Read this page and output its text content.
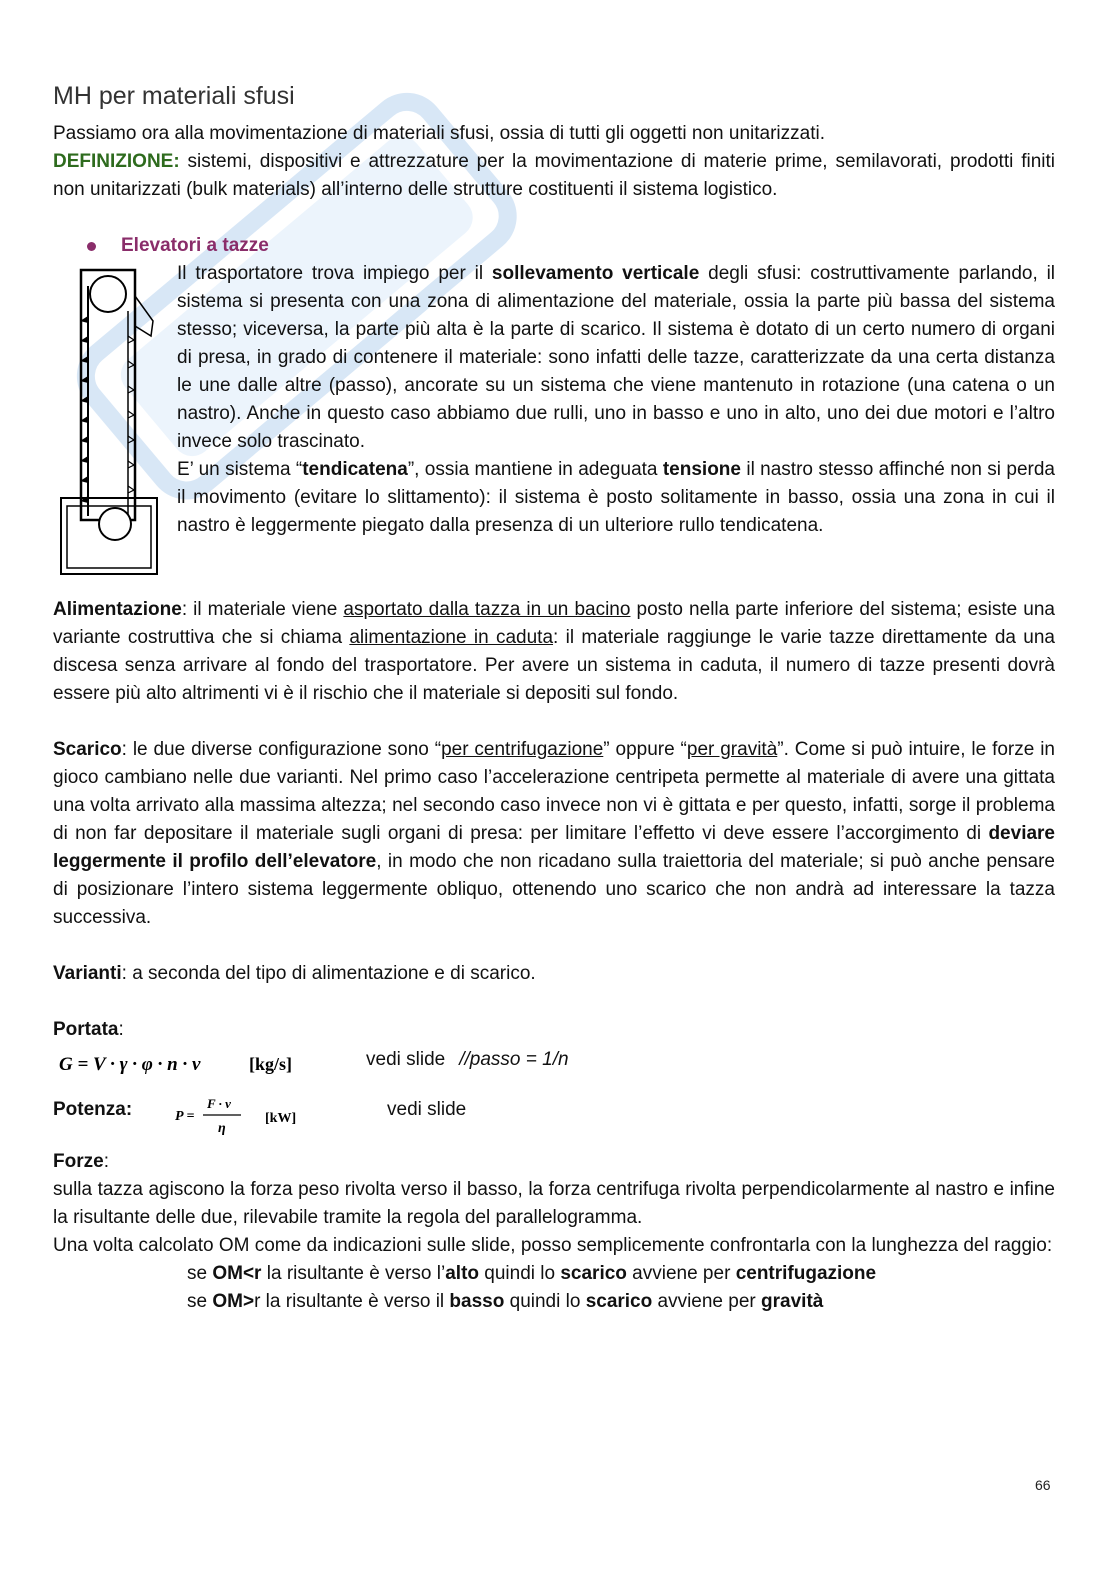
MH per materiali sfusi

Passiamo ora alla movimentazione di materiali sfusi, ossia di tutti gli oggetti non unitarizzati.

DEFINIZIONE: sistemi, dispositivi e attrezzature per la movimentazione di materie prime, semilavorati, prodotti finiti non unitarizzati (bulk materials) all’interno delle strutture costituenti il sistema logistico.

Elevatori a tazze

Il trasportatore trova impiego per il sollevamento verticale degli sfusi: costruttivamente parlando, il sistema si presenta con una zona di alimentazione del materiale, ossia la parte più bassa del sistema stesso; viceversa, la parte più alta è la parte di scarico. Il sistema è dotato di un certo numero di organi di presa, in grado di contenere il materiale: sono infatti delle tazze, caratterizzate da una certa distanza le une dalle altre (passo), ancorate su un sistema che viene mantenuto in rotazione (una catena o un nastro). Anche in questo caso abbiamo due rulli, uno in basso e uno in alto, uno dei due motori e l’altro invece solo trascinato.

E’ un sistema “tendicatena”, ossia mantiene in adeguata tensione il nastro stesso affinché non si perda il movimento (evitare lo slittamento): il sistema è posto solitamente in basso, ossia una zona in cui il nastro è leggermente piegato dalla presenza di un ulteriore rullo tendicatena.

Alimentazione: il materiale viene asportato dalla tazza in un bacino posto nella parte inferiore del sistema; esiste una variante costruttiva che si chiama alimentazione in caduta: il materiale raggiunge le varie tazze direttamente da una discesa senza arrivare al fondo del trasportatore. Per avere un sistema in caduta, il numero di tazze presenti dovrà essere più alto altrimenti vi è il rischio che il materiale si depositi sul fondo.

Scarico: le due diverse configurazione sono “per centrifugazione” oppure “per gravità”. Come si può intuire, le forze in gioco cambiano nelle due varianti. Nel primo caso l’accelerazione centripeta permette al materiale di avere una gittata una volta arrivato alla massima altezza; nel secondo caso invece non vi è gittata e per questo, infatti, sorge il problema di non far depositare il materiale sugli organi di presa: per limitare l’effetto vi deve essere l’accorgimento di deviare leggermente il profilo dell’elevatore, in modo che non ricadano sulla traiettoria del materiale; si può anche pensare di posizionare l’intero sistema leggermente obliquo, ottenendo uno scarico che non andrà ad interessare la tazza successiva.

Varianti: a seconda del tipo di alimentazione e di scarico.

Portata:

G = V · γ · φ · n · v	[kg/s]	vedi slide //passo = 1/n
Potenza:	P =
F · v
η
[kW]	vedi slide

Forze:

sulla tazza agiscono la forza peso rivolta verso il basso, la forza centrifuga rivolta perpendicolarmente al nastro e infine la risultante delle due, rilevabile tramite la regola del parallelogramma.

Una volta calcolato OM come da indicazioni sulle slide, posso semplicemente confrontarla con la lunghezza del raggio:

se OM<r la risultante è verso l’alto quindi lo scarico avviene per centrifugazione

se OM>r la risultante è verso il basso quindi lo scarico avviene per gravità

66
